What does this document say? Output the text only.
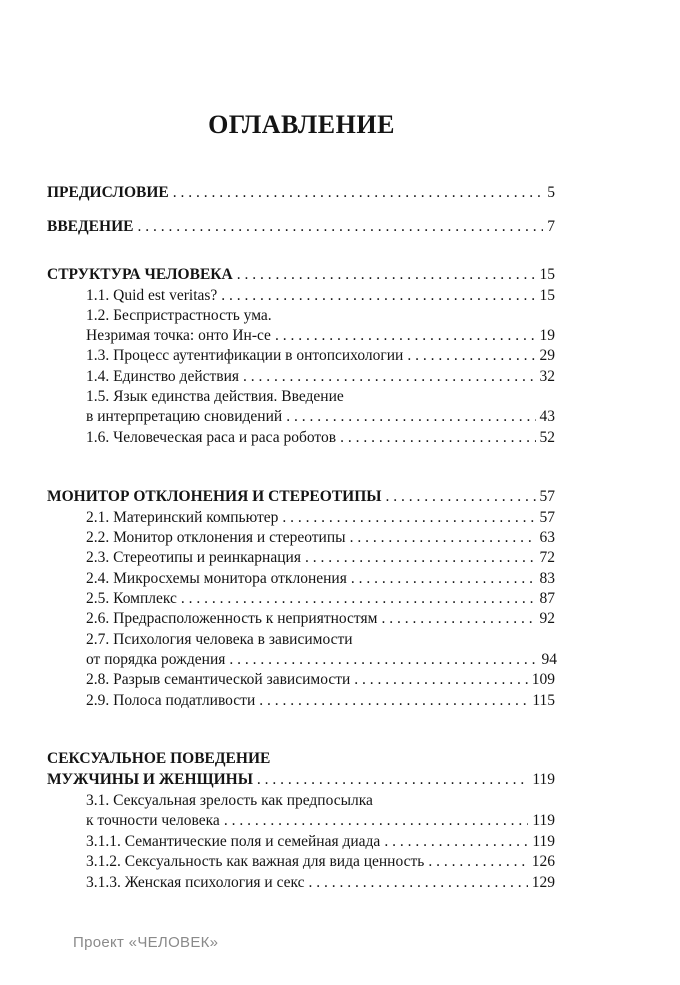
ОГЛАВЛЕНИЕ
ПРЕДИСЛОВИЕ . . .	5
ВВЕДЕНИЕ . . .	7
СТРУКТУРА ЧЕЛОВЕКА . . .	15
1.1. Quid est veritas? . . .	15
1.2. Беспристрастность ума.
Незримая точка: онто Ин-се . . .	19
1.3. Процесс аутентификации в онтопсихологии . . .	29
1.4. Единство действия . . .	32
1.5. Язык единства действия. Введение
в интерпретацию сновидений . . .	43
1.6. Человеческая раса и раса роботов . . .	52
МОНИТОР ОТКЛОНЕНИЯ И СТЕРЕОТИПЫ . . .	57
2.1. Материнский компьютер . . .	57
2.2. Монитор отклонения и стереотипы . . .	63
2.3. Стереотипы и реинкарнация . . .	72
2.4. Микросхемы монитора отклонения . . .	83
2.5. Комплекс . . .	87
2.6. Предрасположенность к неприятностям . . .	92
2.7. Психология человека в зависимости
от порядка рождения . . .	94
2.8. Разрыв семантической зависимости . . .	109
2.9. Полоса податливости . . .	115
СЕКСУАЛЬНОЕ ПОВЕДЕНИЕ
МУЖЧИНЫ И ЖЕНЩИНЫ . . .	119
3.1. Сексуальная зрелость как предпосылка
к точности человека . . .	119
3.1.1. Семантические поля и семейная диада . . .	119
3.1.2. Сексуальность как важная для вида ценность . . .	126
3.1.3. Женская психология и секс . . .	129
Проект «ЧЕЛОВЕК»
